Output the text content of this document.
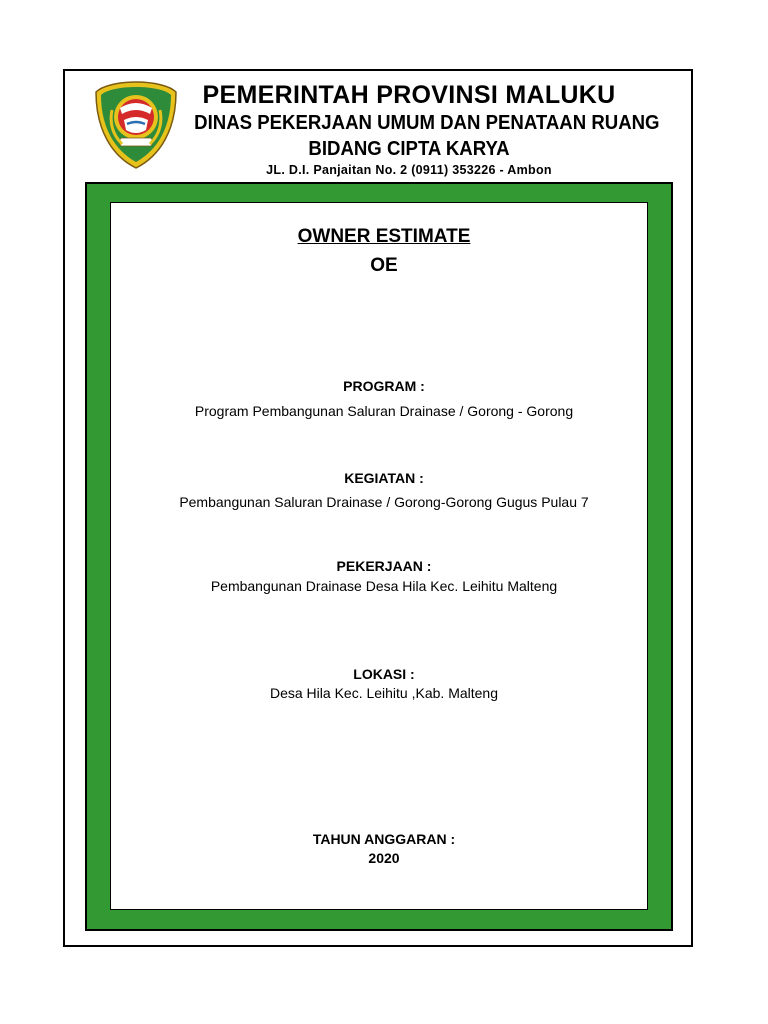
PEMERINTAH PROVINSI MALUKU
DINAS PEKERJAAN UMUM DAN PENATAAN RUANG
BIDANG CIPTA KARYA
JL. D.I. Panjaitan No. 2 (0911) 353226 - Ambon
OWNER ESTIMATE
OE
PROGRAM :
Program Pembangunan Saluran Drainase / Gorong - Gorong
KEGIATAN :
Pembangunan Saluran Drainase / Gorong-Gorong Gugus Pulau 7
PEKERJAAN :
Pembangunan Drainase Desa Hila Kec. Leihitu Malteng
LOKASI :
Desa Hila Kec. Leihitu ,Kab. Malteng
TAHUN ANGGARAN :
2020
